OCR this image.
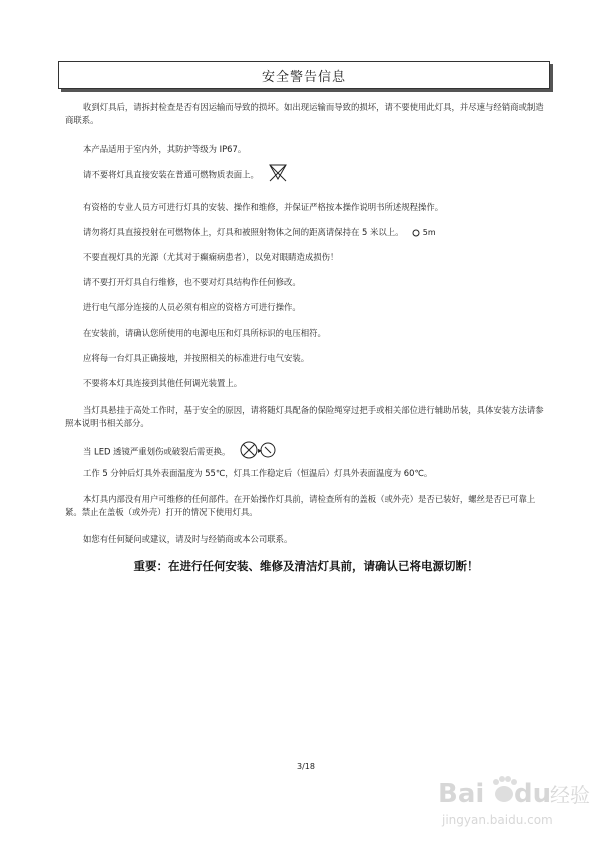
安全警告信息
收到灯具后，请拆封检查是否有因运输而导致的损坏。如出现运输而导致的损坏，请不要使用此灯具，并尽速与经销商或制造商联系。
本产品适用于室内外，其防护等级为 IP67。
请不要将灯具直接安装在普通可燃物质表面上。
有资格的专业人员方可进行灯具的安装、操作和维修，并保证严格按本操作说明书所述规程操作。
请勿将灯具直接投射在可燃物体上，灯具和被照射物体之间的距离请保持在 5 米以上。 5m
不要直视灯具的光源（尤其对于癫痫病患者），以免对眼睛造成损伤！
请不要打开灯具自行维修，也不要对灯具结构作任何修改。
进行电气部分连接的人员必须有相应的资格方可进行操作。
在安装前，请确认您所使用的电源电压和灯具所标识的电压相符。
应将每一台灯具正确接地，并按照相关的标准进行电气安装。
不要将本灯具连接到其他任何调光装置上。
当灯具悬挂于高处工作时，基于安全的原因，请将随灯具配备的保险绳穿过把手或相关部位进行辅助吊装，具体安装方法请参照本说明书相关部分。
当 LED 透镜严重划伤或破裂后需更换。	▸
工作 5 分钟后灯具外表面温度为 55℃，灯具工作稳定后（恒温后）灯具外表面温度为 60℃。
本灯具内部没有用户可维修的任何部件。在开始操作灯具前，请检查所有的盖板（或外壳）是否已装好，螺丝是否已可靠上紧。禁止在盖板（或外壳）打开的情况下使用灯具。
如您有任何疑问或建议，请及时与经销商或本公司联系。
重要：在进行任何安装、维修及清洁灯具前，请确认已将电源切断！
3/18
Bai du
经验
jingyan.baidu.com
